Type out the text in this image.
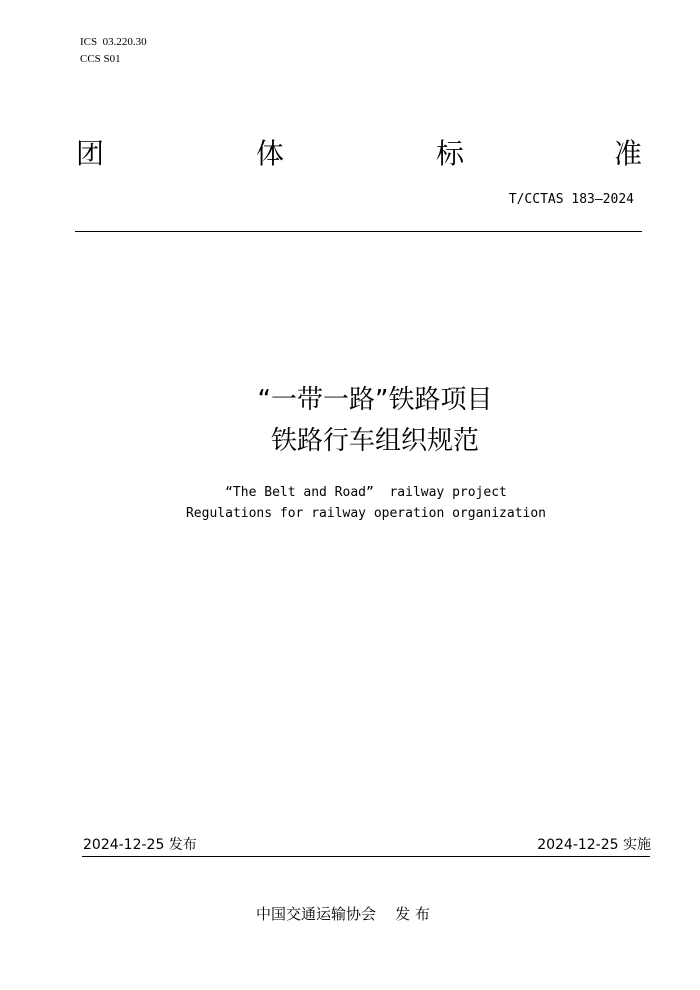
ICS  03.220.30
CCS S01
团	体	标	准
T/CCTAS 183—2024
“一带一路”铁路项目
铁路行车组织规范
“The Belt and Road”  railway project
Regulations for railway operation organization
2024-12-25 发布	2024-12-25 实施
中国交通运输协会    发 布
